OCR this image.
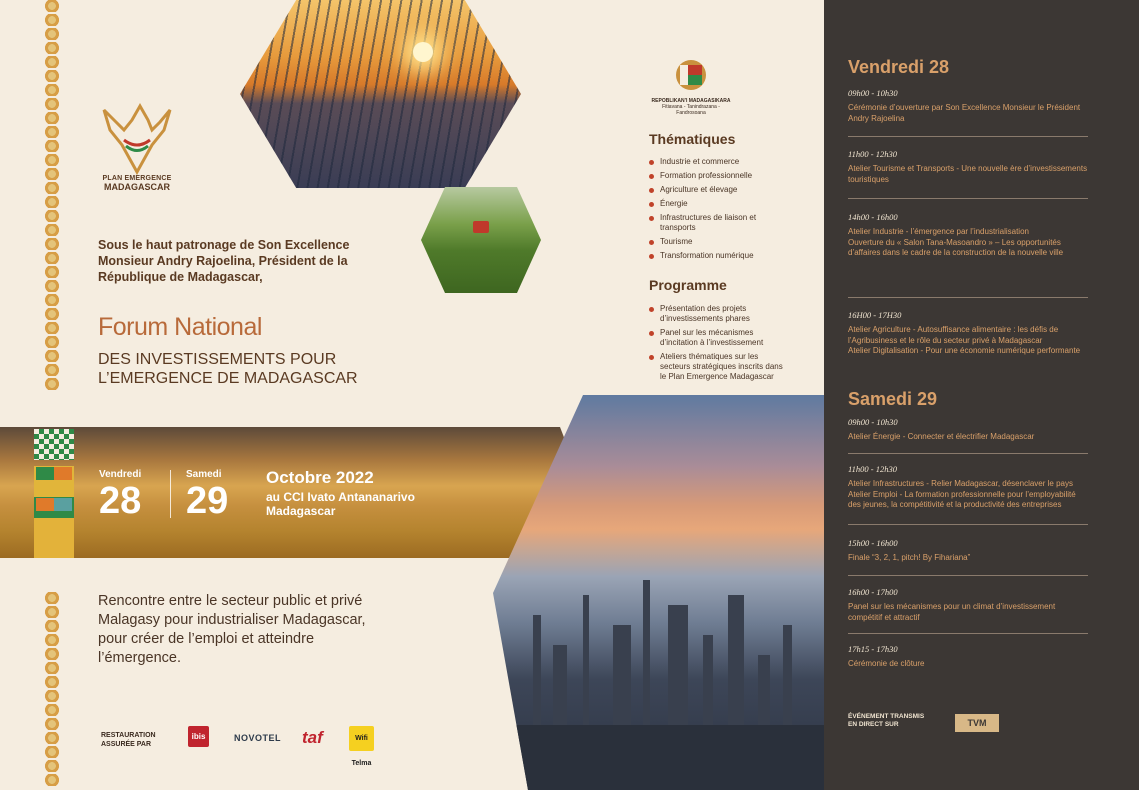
PLAN EMERGENCE
MADAGASCAR
Sous le haut patronage de Son Excellence Monsieur Andry Rajoelina, Président de la République de Madagascar,
Forum National
DES INVESTISSEMENTS POUR L’EMERGENCE DE MADAGASCAR
Vendredi
28
Samedi
29
Octobre 2022
au CCI Ivato Antananarivo
Madagascar
Rencontre entre le secteur public et privé Malagasy pour industrialiser Madagascar, pour créer de l’emploi et atteindre l’émergence.
RESTAURATION
ASSURÉE PAR
ibis	NOVOTEL taf	Wifi Telma
REPOBLIKAN’I MADAGASIKARA
Fitiavana - Tanindrazana - Fandrosoana
Thématiques
Industrie et commerce
Formation professionnelle
Agriculture et élevage
Énergie
Infrastructures de liaison et transports
Tourisme
Transformation numérique
Programme
Présentation des projets d’investissements phares
Panel sur les mécanismes d’incitation à l’investissement
Ateliers thématiques sur les secteurs stratégiques inscrits dans le Plan Emergence Madagascar
Vendredi 28
Samedi 29
09h00 - 10h30
Cérémonie d’ouverture par Son Excellence Monsieur le Président Andry Rajoelina
11h00 - 12h30
Atelier Tourisme et Transports - Une nouvelle ère d’investissements touristiques
14h00 - 16h00
Atelier Industrie - l’émergence par l’industrialisation
Ouverture du « Salon Tana-Masoandro » – Les opportunités d’affaires dans le cadre de la construction de la nouvelle ville
16H00 - 17H30
Atelier Agriculture - Autosuffisance alimentaire : les défis de l’Agribusiness et le rôle du secteur privé à Madagascar
Atelier Digitalisation - Pour une économie numérique performante
09h00 - 10h30
Atelier Énergie - Connecter et électrifier Madagascar
11h00 - 12h30
Atelier Infrastructures - Relier Madagascar, désenclaver le pays
Atelier Emploi - La formation professionnelle pour l’employabilité des jeunes, la compétitivité et la productivité des entreprises
15h00 - 16h00
Finale “3, 2, 1, pitch! By Fihariana”
16h00 - 17h00
Panel sur les mécanismes pour un climat d’investissement compétitif et attractif
17h15 - 17h30
Cérémonie de clôture
ÉVÉNEMENT TRANSMIS
EN DIRECT SUR	TVM
